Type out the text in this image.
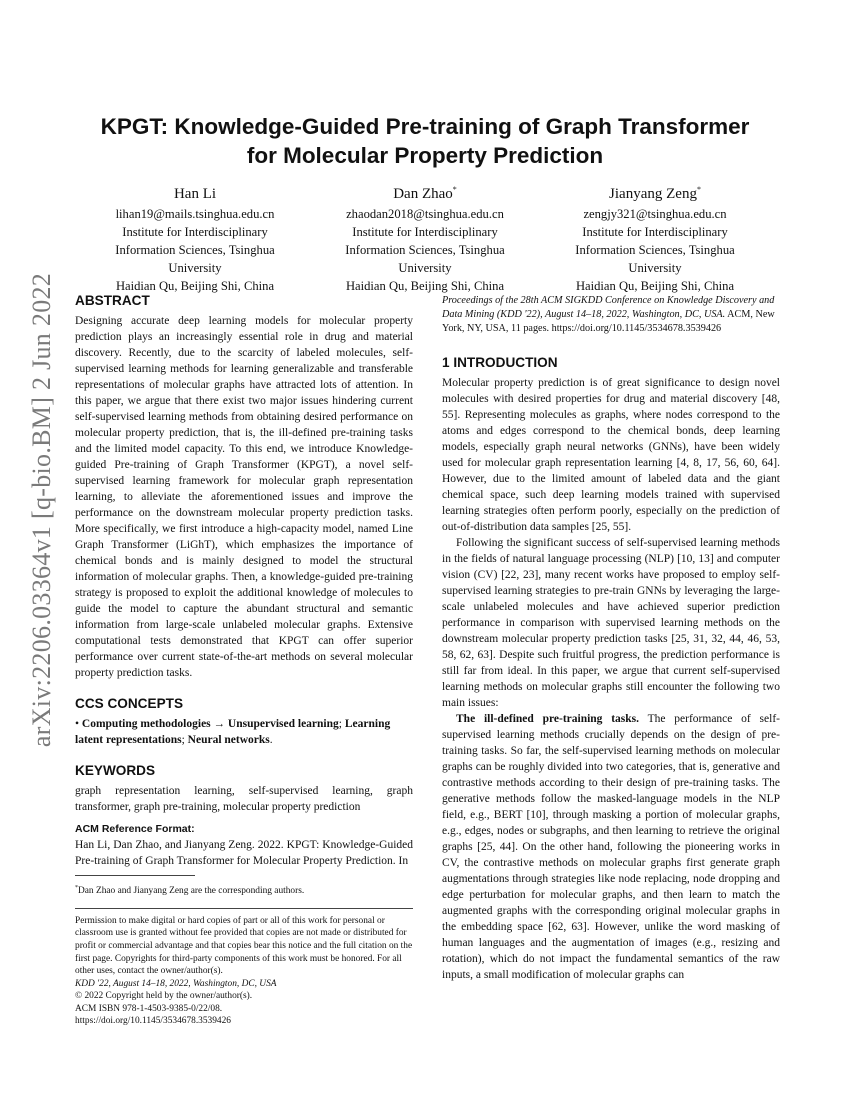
arXiv:2206.03364v1 [q-bio.BM] 2 Jun 2022
KPGT: Knowledge-Guided Pre-training of Graph Transformer
for Molecular Property Prediction
Han Li
lihan19@mails.tsinghua.edu.cn
Institute for Interdisciplinary
Information Sciences, Tsinghua
University
Haidian Qu, Beijing Shi, China
Dan Zhao*
zhaodan2018@tsinghua.edu.cn
Institute for Interdisciplinary
Information Sciences, Tsinghua
University
Haidian Qu, Beijing Shi, China
Jianyang Zeng*
zengjy321@tsinghua.edu.cn
Institute for Interdisciplinary
Information Sciences, Tsinghua
University
Haidian Qu, Beijing Shi, China
ABSTRACT

Designing accurate deep learning models for molecular property prediction plays an increasingly essential role in drug and material discovery. Recently, due to the scarcity of labeled molecules, self-supervised learning methods for learning generalizable and transferable representations of molecular graphs have attracted lots of attention. In this paper, we argue that there exist two major issues hindering current self-supervised learning methods from obtaining desired performance on molecular property prediction, that is, the ill-defined pre-training tasks and the limited model capacity. To this end, we introduce Knowledge-guided Pre-training of Graph Transformer (KPGT), a novel self-supervised learning framework for molecular graph representation learning, to alleviate the aforementioned issues and improve the performance on the downstream molecular property prediction tasks. More specifically, we first introduce a high-capacity model, named Line Graph Transformer (LiGhT), which emphasizes the importance of chemical bonds and is mainly designed to model the structural information of molecular graphs. Then, a knowledge-guided pre-training strategy is proposed to exploit the additional knowledge of molecules to guide the model to capture the abundant structural and semantic information from large-scale unlabeled molecular graphs. Extensive computational tests demonstrated that KPGT can offer superior performance over current state-of-the-art methods on several molecular property prediction tasks.

CCS CONCEPTS

• Computing methodologies → Unsupervised learning; Learning latent representations; Neural networks.

KEYWORDS

graph representation learning, self-supervised learning, graph transformer, graph pre-training, molecular property prediction

ACM Reference Format:

Han Li, Dan Zhao, and Jianyang Zeng. 2022. KPGT: Knowledge-Guided Pre-training of Graph Transformer for Molecular Property Prediction. In

*Dan Zhao and Jianyang Zeng are the corresponding authors.

Permission to make digital or hard copies of part or all of this work for personal or classroom use is granted without fee provided that copies are not made or distributed for profit or commercial advantage and that copies bear this notice and the full citation on the first page. Copyrights for third-party components of this work must be honored. For all other uses, contact the owner/author(s).

KDD '22, August 14–18, 2022, Washington, DC, USA

© 2022 Copyright held by the owner/author(s).

ACM ISBN 978-1-4503-9385-0/22/08.

https://doi.org/10.1145/3534678.3539426

Proceedings of the 28th ACM SIGKDD Conference on Knowledge Discovery and Data Mining (KDD '22), August 14–18, 2022, Washington, DC, USA. ACM, New York, NY, USA, 11 pages. https://doi.org/10.1145/3534678.3539426

1 INTRODUCTION

Molecular property prediction is of great significance to design novel molecules with desired properties for drug and material discovery [48, 55]. Representing molecules as graphs, where nodes correspond to the atoms and edges correspond to the chemical bonds, deep learning models, especially graph neural networks (GNNs), have been widely used for molecular graph representation learning [4, 8, 17, 56, 60, 64]. However, due to the limited amount of labeled data and the giant chemical space, such deep learning models trained with supervised learning strategies often perform poorly, especially on the prediction of out-of-distribution data samples [25, 55].

Following the significant success of self-supervised learning methods in the fields of natural language processing (NLP) [10, 13] and computer vision (CV) [22, 23], many recent works have proposed to employ self-supervised learning strategies to pre-train GNNs by leveraging the large-scale unlabeled molecules and have achieved superior prediction performance in comparison with supervised learning methods on the downstream molecular property prediction tasks [25, 31, 32, 44, 46, 53, 58, 62, 63]. Despite such fruitful progress, the prediction performance is still far from ideal. In this paper, we argue that current self-supervised learning methods on molecular graphs still encounter the following two main issues:

The ill-defined pre-training tasks. The performance of self-supervised learning methods crucially depends on the design of pre-training tasks. So far, the self-supervised learning methods on molecular graphs can be roughly divided into two categories, that is, generative and contrastive methods according to their design of pre-training tasks. The generative methods follow the masked-language models in the NLP field, e.g., BERT [10], through masking a portion of molecular graphs, e.g., edges, nodes or subgraphs, and then learning to retrieve the original graphs [25, 44]. On the other hand, following the pioneering works in CV, the contrastive methods on molecular graphs first generate graph augmentations through strategies like node replacing, node dropping and edge perturbation for molecular graphs, and then learn to match the augmented graphs with the corresponding original molecular graphs in the embedding space [62, 63]. However, unlike the word masking of human languages and the augmentation of images (e.g., resizing and rotation), which do not impact the fundamental semantics of the raw inputs, a small modification of molecular graphs can
